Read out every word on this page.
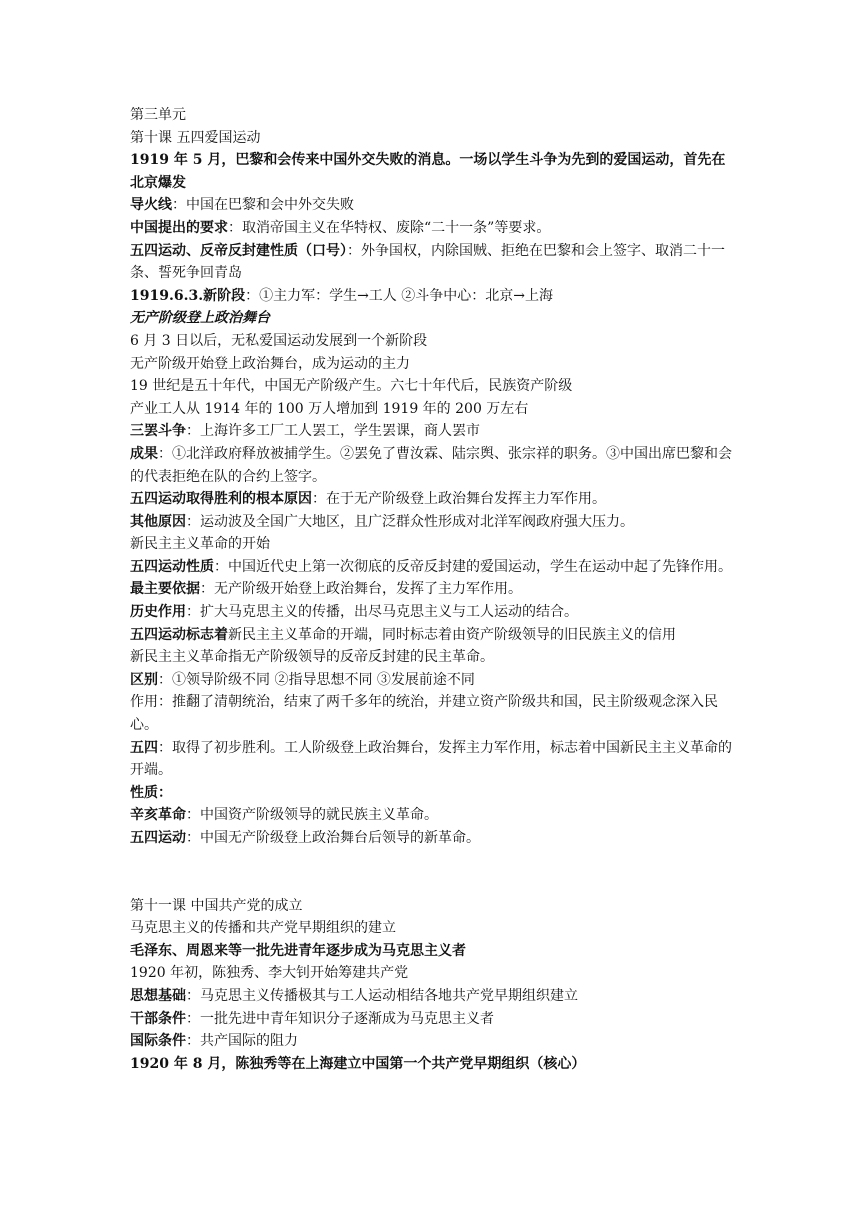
第三单元
第十课 五四爱国运动
1919 年 5 月，巴黎和会传来中国外交失败的消息。一场以学生斗争为先到的爱国运动，首先在北京爆发
导火线：中国在巴黎和会中外交失败
中国提出的要求：取消帝国主义在华特权、废除“二十一条”等要求。
五四运动、反帝反封建性质（口号）：外争国权，内除国贼、拒绝在巴黎和会上签字、取消二十一条、誓死争回青岛
1919.6.3.新阶段：①主力军：学生→工人 ②斗争中心：北京→上海
无产阶级登上政治舞台
6 月 3 日以后，无私爱国运动发展到一个新阶段
无产阶级开始登上政治舞台，成为运动的主力
19 世纪是五十年代，中国无产阶级产生。六七十年代后，民族资产阶级
产业工人从 1914 年的 100 万人增加到 1919 年的 200 万左右
三罢斗争：上海许多工厂工人罢工，学生罢课，商人罢市
成果：①北洋政府释放被捕学生。②罢免了曹汝霖、陆宗舆、张宗祥的职务。③中国出席巴黎和会的代表拒绝在队的合约上签字。
五四运动取得胜利的根本原因：在于无产阶级登上政治舞台发挥主力军作用。
其他原因：运动波及全国广大地区，且广泛群众性形成对北洋军阀政府强大压力。
新民主主义革命的开始
五四运动性质：中国近代史上第一次彻底的反帝反封建的爱国运动，学生在运动中起了先锋作用。
最主要依据：无产阶级开始登上政治舞台，发挥了主力军作用。
历史作用：扩大马克思主义的传播，出尽马克思主义与工人运动的结合。
五四运动标志着新民主主义革命的开端，同时标志着由资产阶级领导的旧民族主义的信用
新民主主义革命指无产阶级领导的反帝反封建的民主革命。
区别：①领导阶级不同 ②指导思想不同 ③发展前途不同
作用：推翻了清朝统治，结束了两千多年的统治，并建立资产阶级共和国，民主阶级观念深入民心。
五四：取得了初步胜利。工人阶级登上政治舞台，发挥主力军作用，标志着中国新民主主义革命的开端。
性质：
辛亥革命：中国资产阶级领导的就民族主义革命。
五四运动：中国无产阶级登上政治舞台后领导的新革命。
第十一课 中国共产党的成立
马克思主义的传播和共产党早期组织的建立
毛泽东、周恩来等一批先进青年逐步成为马克思主义者
1920 年初，陈独秀、李大钊开始筹建共产党
思想基础：马克思主义传播极其与工人运动相结各地共产党早期组织建立
干部条件：一批先进中青年知识分子逐渐成为马克思主义者
国际条件：共产国际的阻力
1920 年 8 月，陈独秀等在上海建立中国第一个共产党早期组织（核心）
